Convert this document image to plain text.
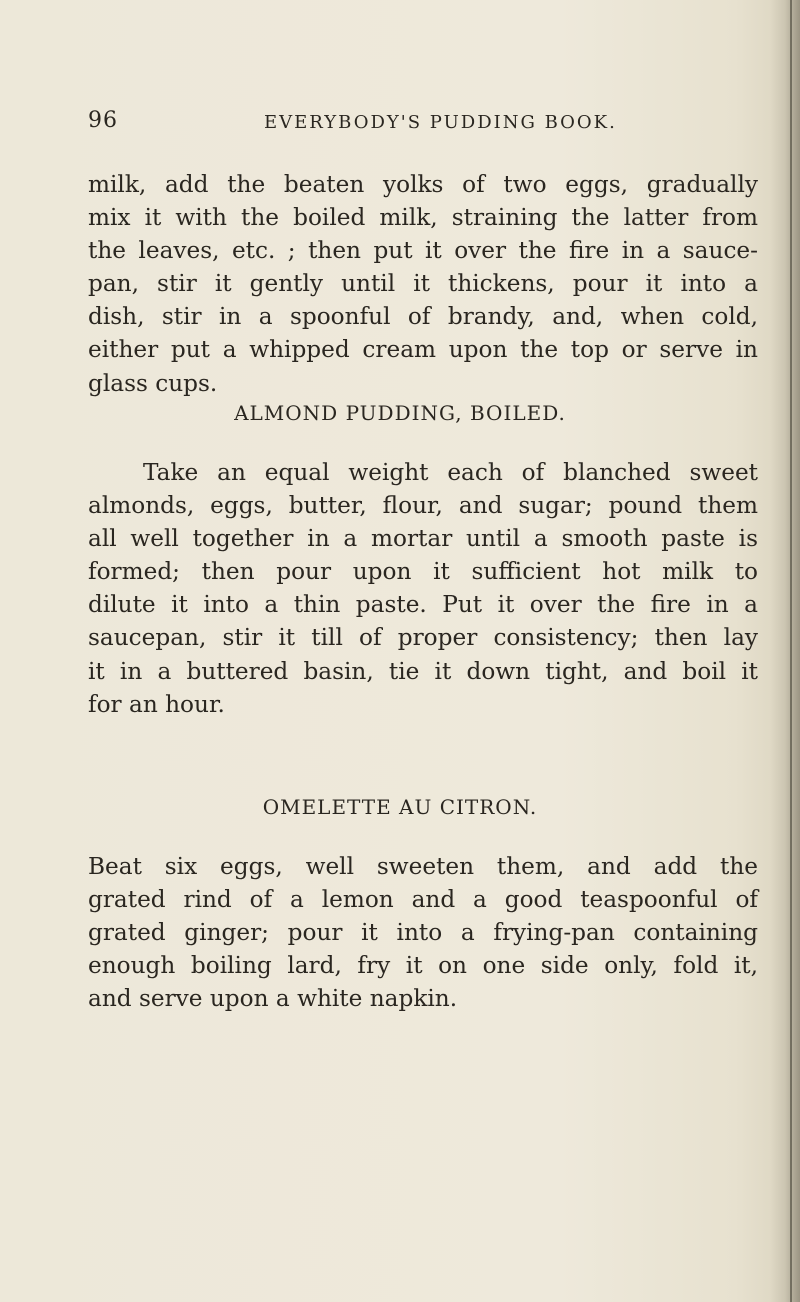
96	EVERYBODY'S PUDDING BOOK.
milk, add the beaten yolks of two eggs, gradually
mix it with the boiled milk, straining the latter from
the leaves, etc. ; then put it over the fire in a sauce-
pan, stir it gently until it thickens, pour it into a
dish, stir in a spoonful of brandy, and, when cold,
either put a whipped cream upon the top or serve in
glass cups.
ALMOND PUDDING, BOILED.
Take an equal weight each of blanched sweet
almonds, eggs, butter, flour, and sugar; pound them
all well together in a mortar until a smooth paste is
formed; then pour upon it sufficient hot milk to
dilute it into a thin paste. Put it over the fire in a
saucepan, stir it till of proper consistency; then lay
it in a buttered basin, tie it down tight, and boil it
for an hour.
OMELETTE AU CITRON.
Beat six eggs, well sweeten them, and add the
grated rind of a lemon and a good teaspoonful of
grated ginger; pour it into a frying-pan containing
enough boiling lard, fry it on one side only, fold it,
and serve upon a white napkin.
